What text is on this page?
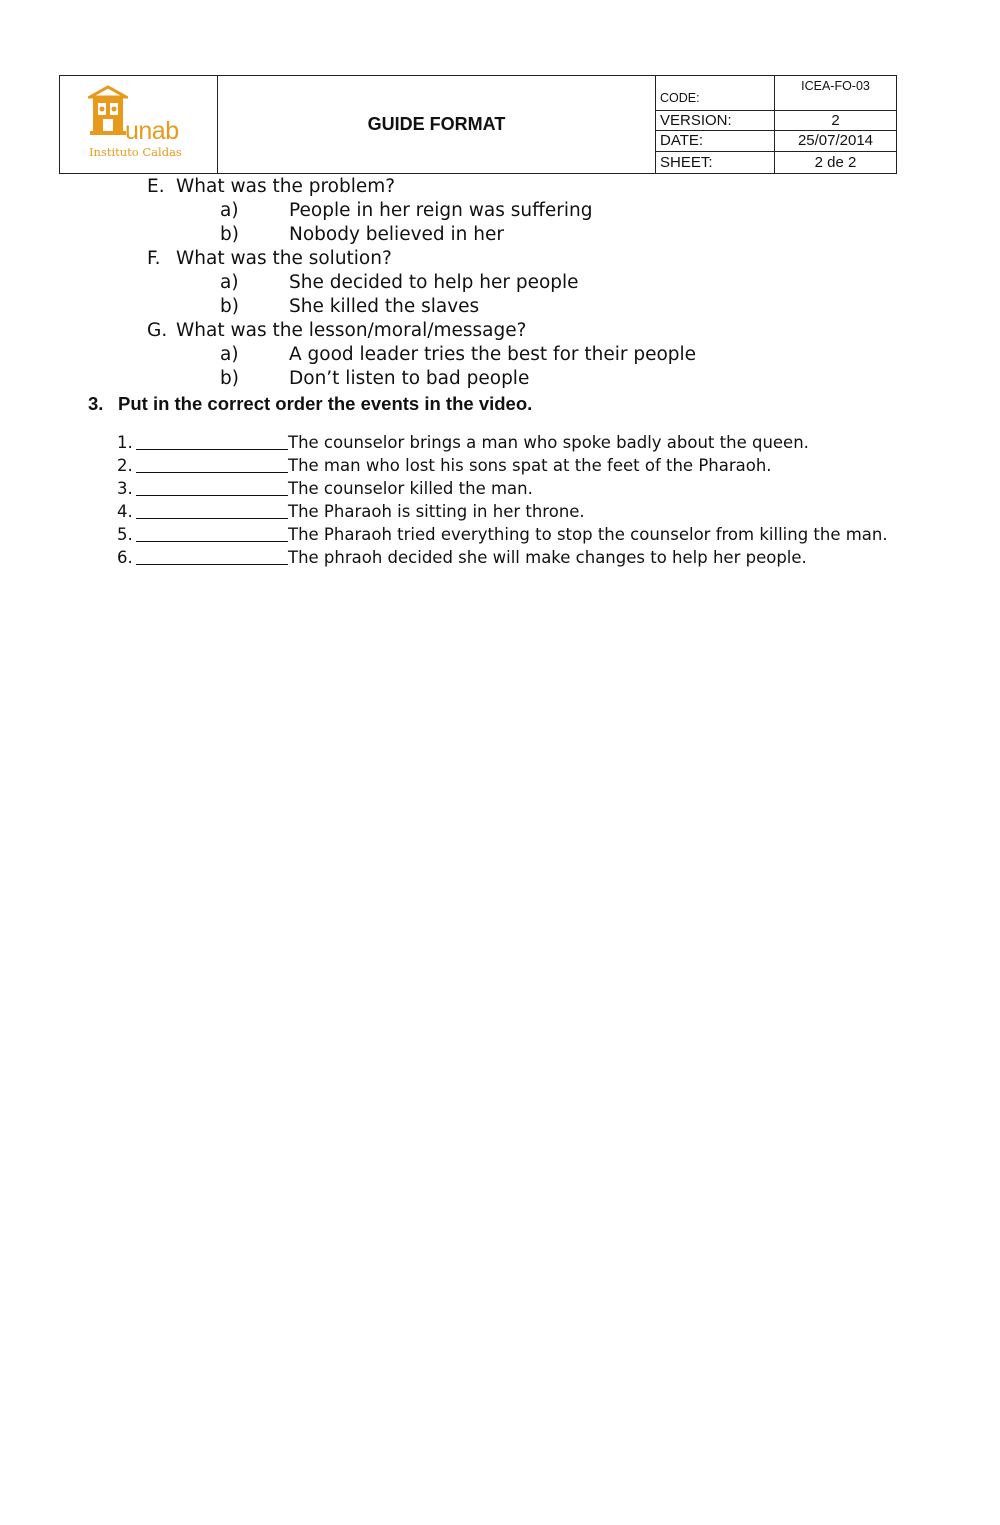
unab
Instituto Caldas	GUIDE FORMAT	CODE:	ICEA-FO-03
		VERSION:	2
		DATE:	25/07/2014
		SHEET:	2 de 2
E. What was the problem?
a)	People in her reign was suffering
b)	Nobody believed in her
F. What was the solution?
a)	She decided to help her people
b)	She killed the slaves
G. What was the lesson/moral/message?
a)	A good leader tries the best for their people
b)	Don’t listen to bad people
3. Put in the correct order the events in the video.
1.	The counselor brings a man who spoke badly about the queen.
2.	The man who lost his sons spat at the feet of the Pharaoh.
3.	The counselor killed the man.
4.	The Pharaoh is sitting in her throne.
5.	The Pharaoh tried everything to stop the counselor from killing the man.
6.	The phraoh decided she will make changes to help her people.
